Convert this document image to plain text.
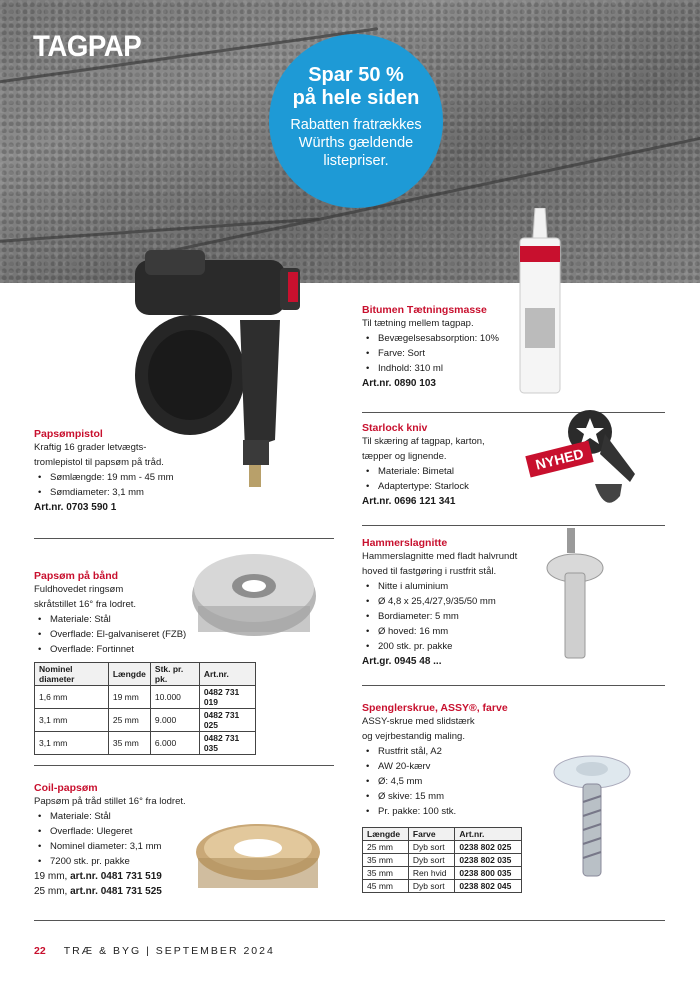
TAGPAP
Spar 50 %
på hele siden
Rabatten fratrækkes
Würths gældende
listepriser.
Papsømpistol
Kraftig 16 grader letvægts-
tromlepistol til papsøm på tråd.
• Sømlængde: 19 mm - 45 mm
• Sømdiameter: 3,1 mm
Art.nr. 0703 590 1
Papsøm på bånd
Fuldhovedet ringsøm
skråtstillet 16° fra lodret.
• Materiale: Stål
• Overflade: El-galvaniseret (FZB)
• Overflade: Fortinnet
Nominel diameter	Længde	Stk. pr. pk.	Art.nr.
1,6 mm	19 mm	10.000	0482 731 019
3,1 mm	25 mm	9.000	0482 731 025
3,1 mm	35 mm	6.000	0482 731 035
Coil-papsøm
Papsøm på tråd stillet 16° fra lodret.
• Materiale: Stål
• Overflade: Ulegeret
• Nominel diameter: 3,1 mm
• 7200 stk. pr. pakke
19 mm, art.nr. 0481 731 519
25 mm, art.nr. 0481 731 525
Bitumen Tætningsmasse
Til tætning mellem tagpap.
• Bevægelsesabsorption: 10%
• Farve: Sort
• Indhold: 310 ml
Art.nr. 0890 103
NYHED
Starlock kniv
Til skæring af tagpap, karton,
tæpper og lignende.
• Materiale: Bimetal
• Adaptertype: Starlock
Art.nr. 0696 121 341
Hammerslagnitte
Hammerslagnitte med fladt halvrundt
hoved til fastgøring i rustfrit stål.
• Nitte i aluminium
• Ø 4,8 x 25,4/27,9/35/50 mm
• Bordiameter: 5 mm
• Ø hoved: 16 mm
• 200 stk. pr. pakke
Art.gr. 0945 48 ...
Spenglerskrue, ASSY®, farve
ASSY-skrue med slidstærk
og vejrbestandig maling.
• Rustfrit stål, A2
• AW 20-kærv
• Ø: 4,5 mm
• Ø skive: 15 mm
• Pr. pakke: 100 stk.
Længde	Farve	Art.nr.
25 mm	Dyb sort	0238 802 025
35 mm	Dyb sort	0238 802 035
35 mm	Ren hvid	0238 800 035
45 mm	Dyb sort	0238 802 045
22 TRÆ & BYG | SEPTEMBER 2024
